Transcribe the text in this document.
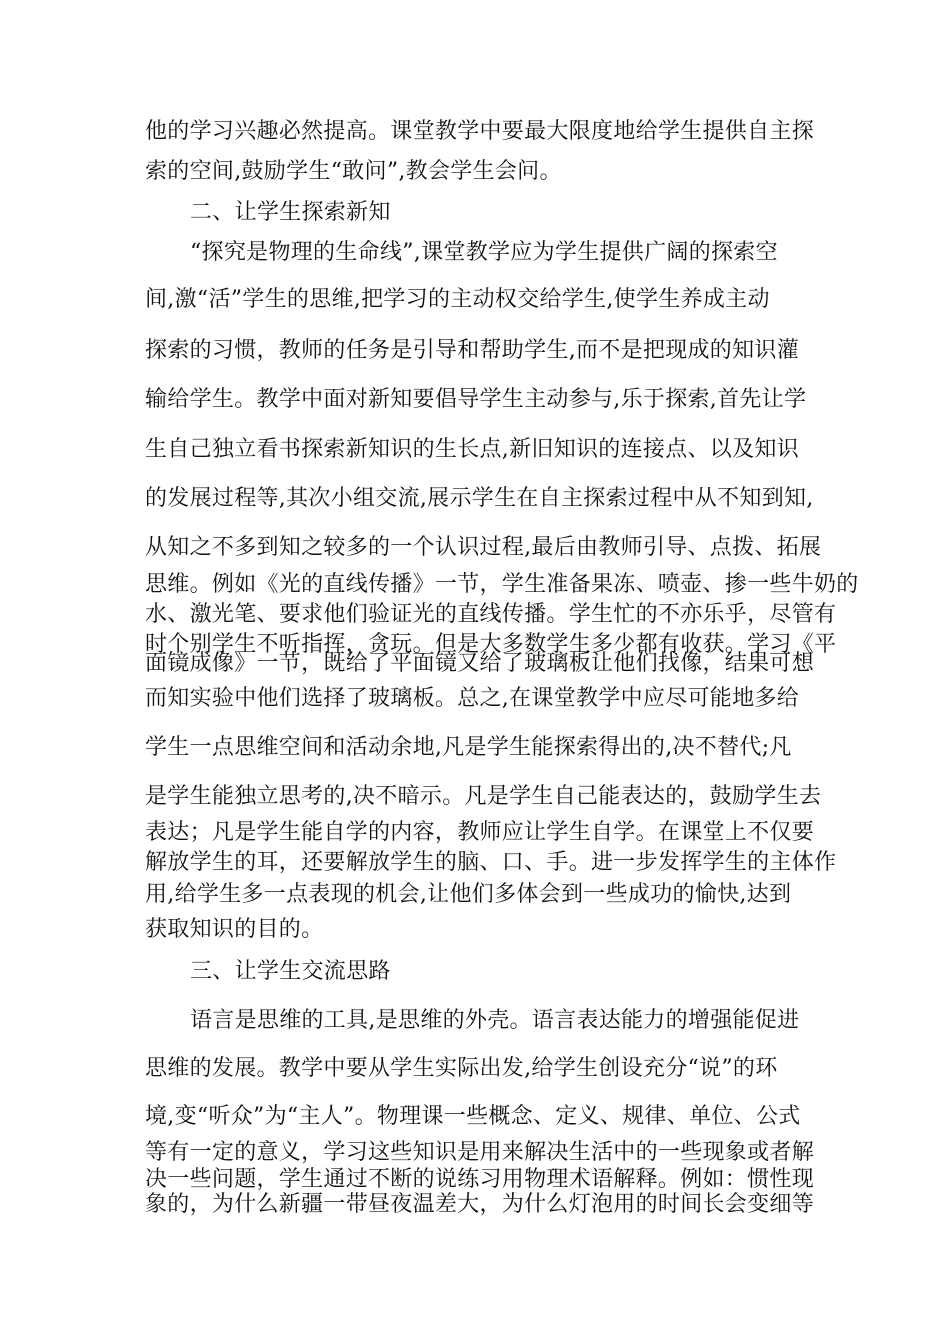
他的学习兴趣必然提高。课堂教学中要最大限度地给学生提供自主探
索的空间,鼓励学生“敢问”,教会学生会问。
二、让学生探索新知
“探究是物理的生命线”,课堂教学应为学生提供广阔的探索空
间,激“活”学生的思维,把学习的主动权交给学生,使学生养成主动
探索的习惯，教师的任务是引导和帮助学生,而不是把现成的知识灌
输给学生。教学中面对新知要倡导学生主动参与,乐于探索,首先让学
生自己独立看书探索新知识的生长点,新旧知识的连接点、以及知识
的发展过程等,其次小组交流,展示学生在自主探索过程中从不知到知,
从知之不多到知之较多的一个认识过程,最后由教师引导、点拨、拓展
思维。例如《光的直线传播》一节，学生准备果冻、喷壶、掺一些牛奶的
水、激光笔、要求他们验证光的直线传播。学生忙的不亦乐乎，尽管有
时个别学生不听指挥，贪玩。但是大多数学生多少都有收获。学习《平
面镜成像》一节，既给了平面镜又给了玻璃板让他们找像，结果可想
而知实验中他们选择了玻璃板。总之,在课堂教学中应尽可能地多给
学生一点思维空间和活动余地,凡是学生能探索得出的,决不替代;凡
是学生能独立思考的,决不暗示。凡是学生自己能表达的，鼓励学生去
表达；凡是学生能自学的内容，教师应让学生自学。在课堂上不仅要
解放学生的耳，还要解放学生的脑、口、手。进一步发挥学生的主体作
用,给学生多一点表现的机会,让他们多体会到一些成功的愉快,达到
获取知识的目的。
三、让学生交流思路
语言是思维的工具,是思维的外壳。语言表达能力的增强能促进
思维的发展。教学中要从学生实际出发,给学生创设充分“说”的环
境,变“听众”为“主人”。物理课一些概念、定义、规律、单位、公式
等有一定的意义，学习这些知识是用来解决生活中的一些现象或者解
决一些问题，学生通过不断的说练习用物理术语解释。例如：惯性现
象的，为什么新疆一带昼夜温差大，为什么灯泡用的时间长会变细等
